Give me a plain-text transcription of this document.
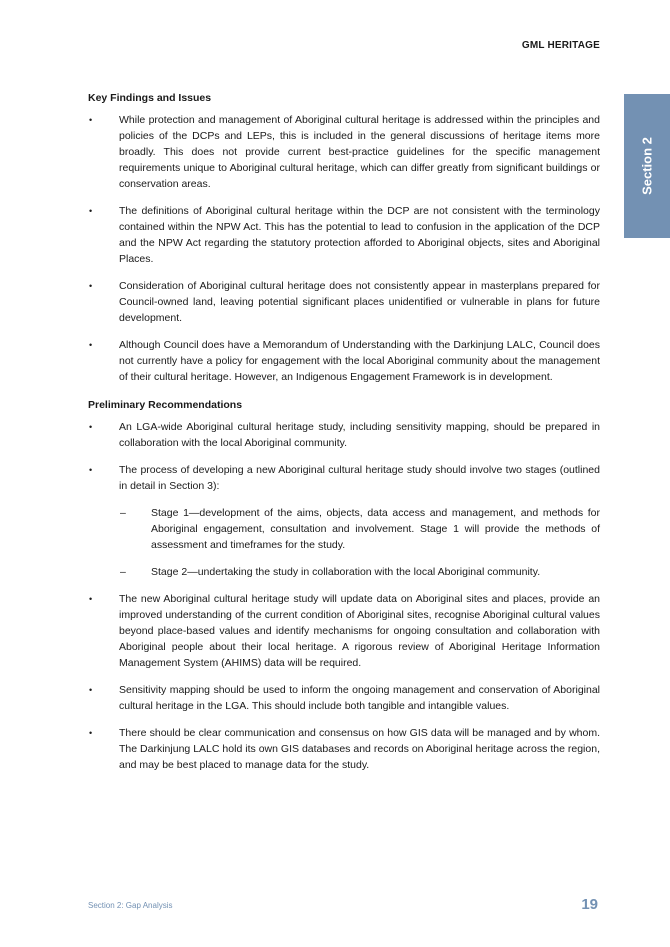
GML HERITAGE
Section 2
Key Findings and Issues
•	While protection and management of Aboriginal cultural heritage is addressed within the principles and policies of the DCPs and LEPs, this is included in the general discussions of heritage items more broadly. This does not provide current best-practice guidelines for the specific management requirements unique to Aboriginal cultural heritage, which can differ greatly from significant buildings or conservation areas.
•	The definitions of Aboriginal cultural heritage within the DCP are not consistent with the terminology contained within the NPW Act. This has the potential to lead to confusion in the application of the DCP and the NPW Act regarding the statutory protection afforded to Aboriginal objects, sites and Aboriginal Places.
•	Consideration of Aboriginal cultural heritage does not consistently appear in masterplans prepared for Council-owned land, leaving potential significant places unidentified or vulnerable in plans for future development.
•	Although Council does have a Memorandum of Understanding with the Darkinjung LALC, Council does not currently have a policy for engagement with the local Aboriginal community about the management of their cultural heritage. However, an Indigenous Engagement Framework is in development.
Preliminary Recommendations
•	An LGA-wide Aboriginal cultural heritage study, including sensitivity mapping, should be prepared in collaboration with the local Aboriginal community.
•	The process of developing a new Aboriginal cultural heritage study should involve two stages (outlined in detail in Section 3):
– Stage 1—development of the aims, objects, data access and management, and methods for Aboriginal engagement, consultation and involvement. Stage 1 will provide the methods of assessment and timeframes for the study.
– Stage 2—undertaking the study in collaboration with the local Aboriginal community.
•	The new Aboriginal cultural heritage study will update data on Aboriginal sites and places, provide an improved understanding of the current condition of Aboriginal sites, recognise Aboriginal cultural values beyond place-based values and identify mechanisms for ongoing consultation and collaboration with Aboriginal people about their local heritage. A rigorous review of Aboriginal Heritage Information Management System (AHIMS) data will be required.
•	Sensitivity mapping should be used to inform the ongoing management and conservation of Aboriginal cultural heritage in the LGA. This should include both tangible and intangible values.
•	There should be clear communication and consensus on how GIS data will be managed and by whom. The Darkinjung LALC hold its own GIS databases and records on Aboriginal heritage across the region, and may be best placed to manage data for the study.
Section 2: Gap Analysis	19
